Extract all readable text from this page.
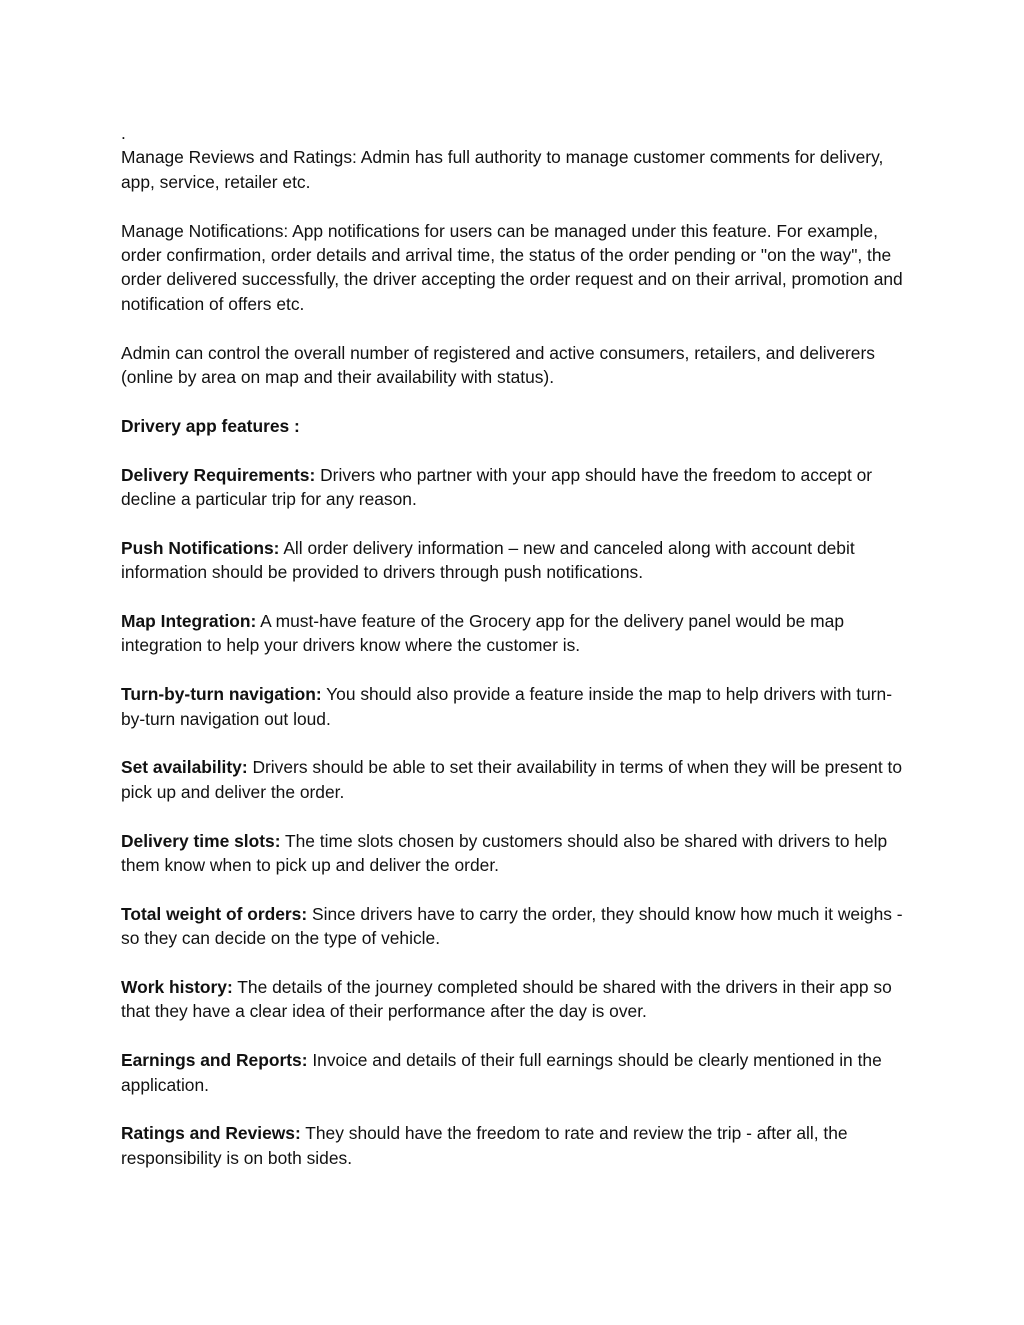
.

Manage Reviews and Ratings: Admin has full authority to manage customer comments for delivery, app, service, retailer etc.

Manage Notifications: App notifications for users can be managed under this feature. For example, order confirmation, order details and arrival time, the status of the order pending or "on the way", the order delivered successfully, the driver accepting the order request and on their arrival, promotion and notification of offers etc.

Admin can control the overall number of registered and active consumers, retailers, and deliverers (online by area on map and their availability with status).

Drivery app features :

Delivery Requirements: Drivers who partner with your app should have the freedom to accept or decline a particular trip for any reason.

Push Notifications: All order delivery information – new and canceled along with account debit information should be provided to drivers through push notifications.

Map Integration: A must-have feature of the Grocery app for the delivery panel would be map integration to help your drivers know where the customer is.

Turn-by-turn navigation: You should also provide a feature inside the map to help drivers with turn-by-turn navigation out loud.

Set availability: Drivers should be able to set their availability in terms of when they will be present to pick up and deliver the order.

Delivery time slots: The time slots chosen by customers should also be shared with drivers to help them know when to pick up and deliver the order.

Total weight of orders: Since drivers have to carry the order, they should know how much it weighs - so they can decide on the type of vehicle.

Work history: The details of the journey completed should be shared with the drivers in their app so that they have a clear idea of their performance after the day is over.

Earnings and Reports: Invoice and details of their full earnings should be clearly mentioned in the application.

Ratings and Reviews: They should have the freedom to rate and review the trip - after all, the responsibility is on both sides.
